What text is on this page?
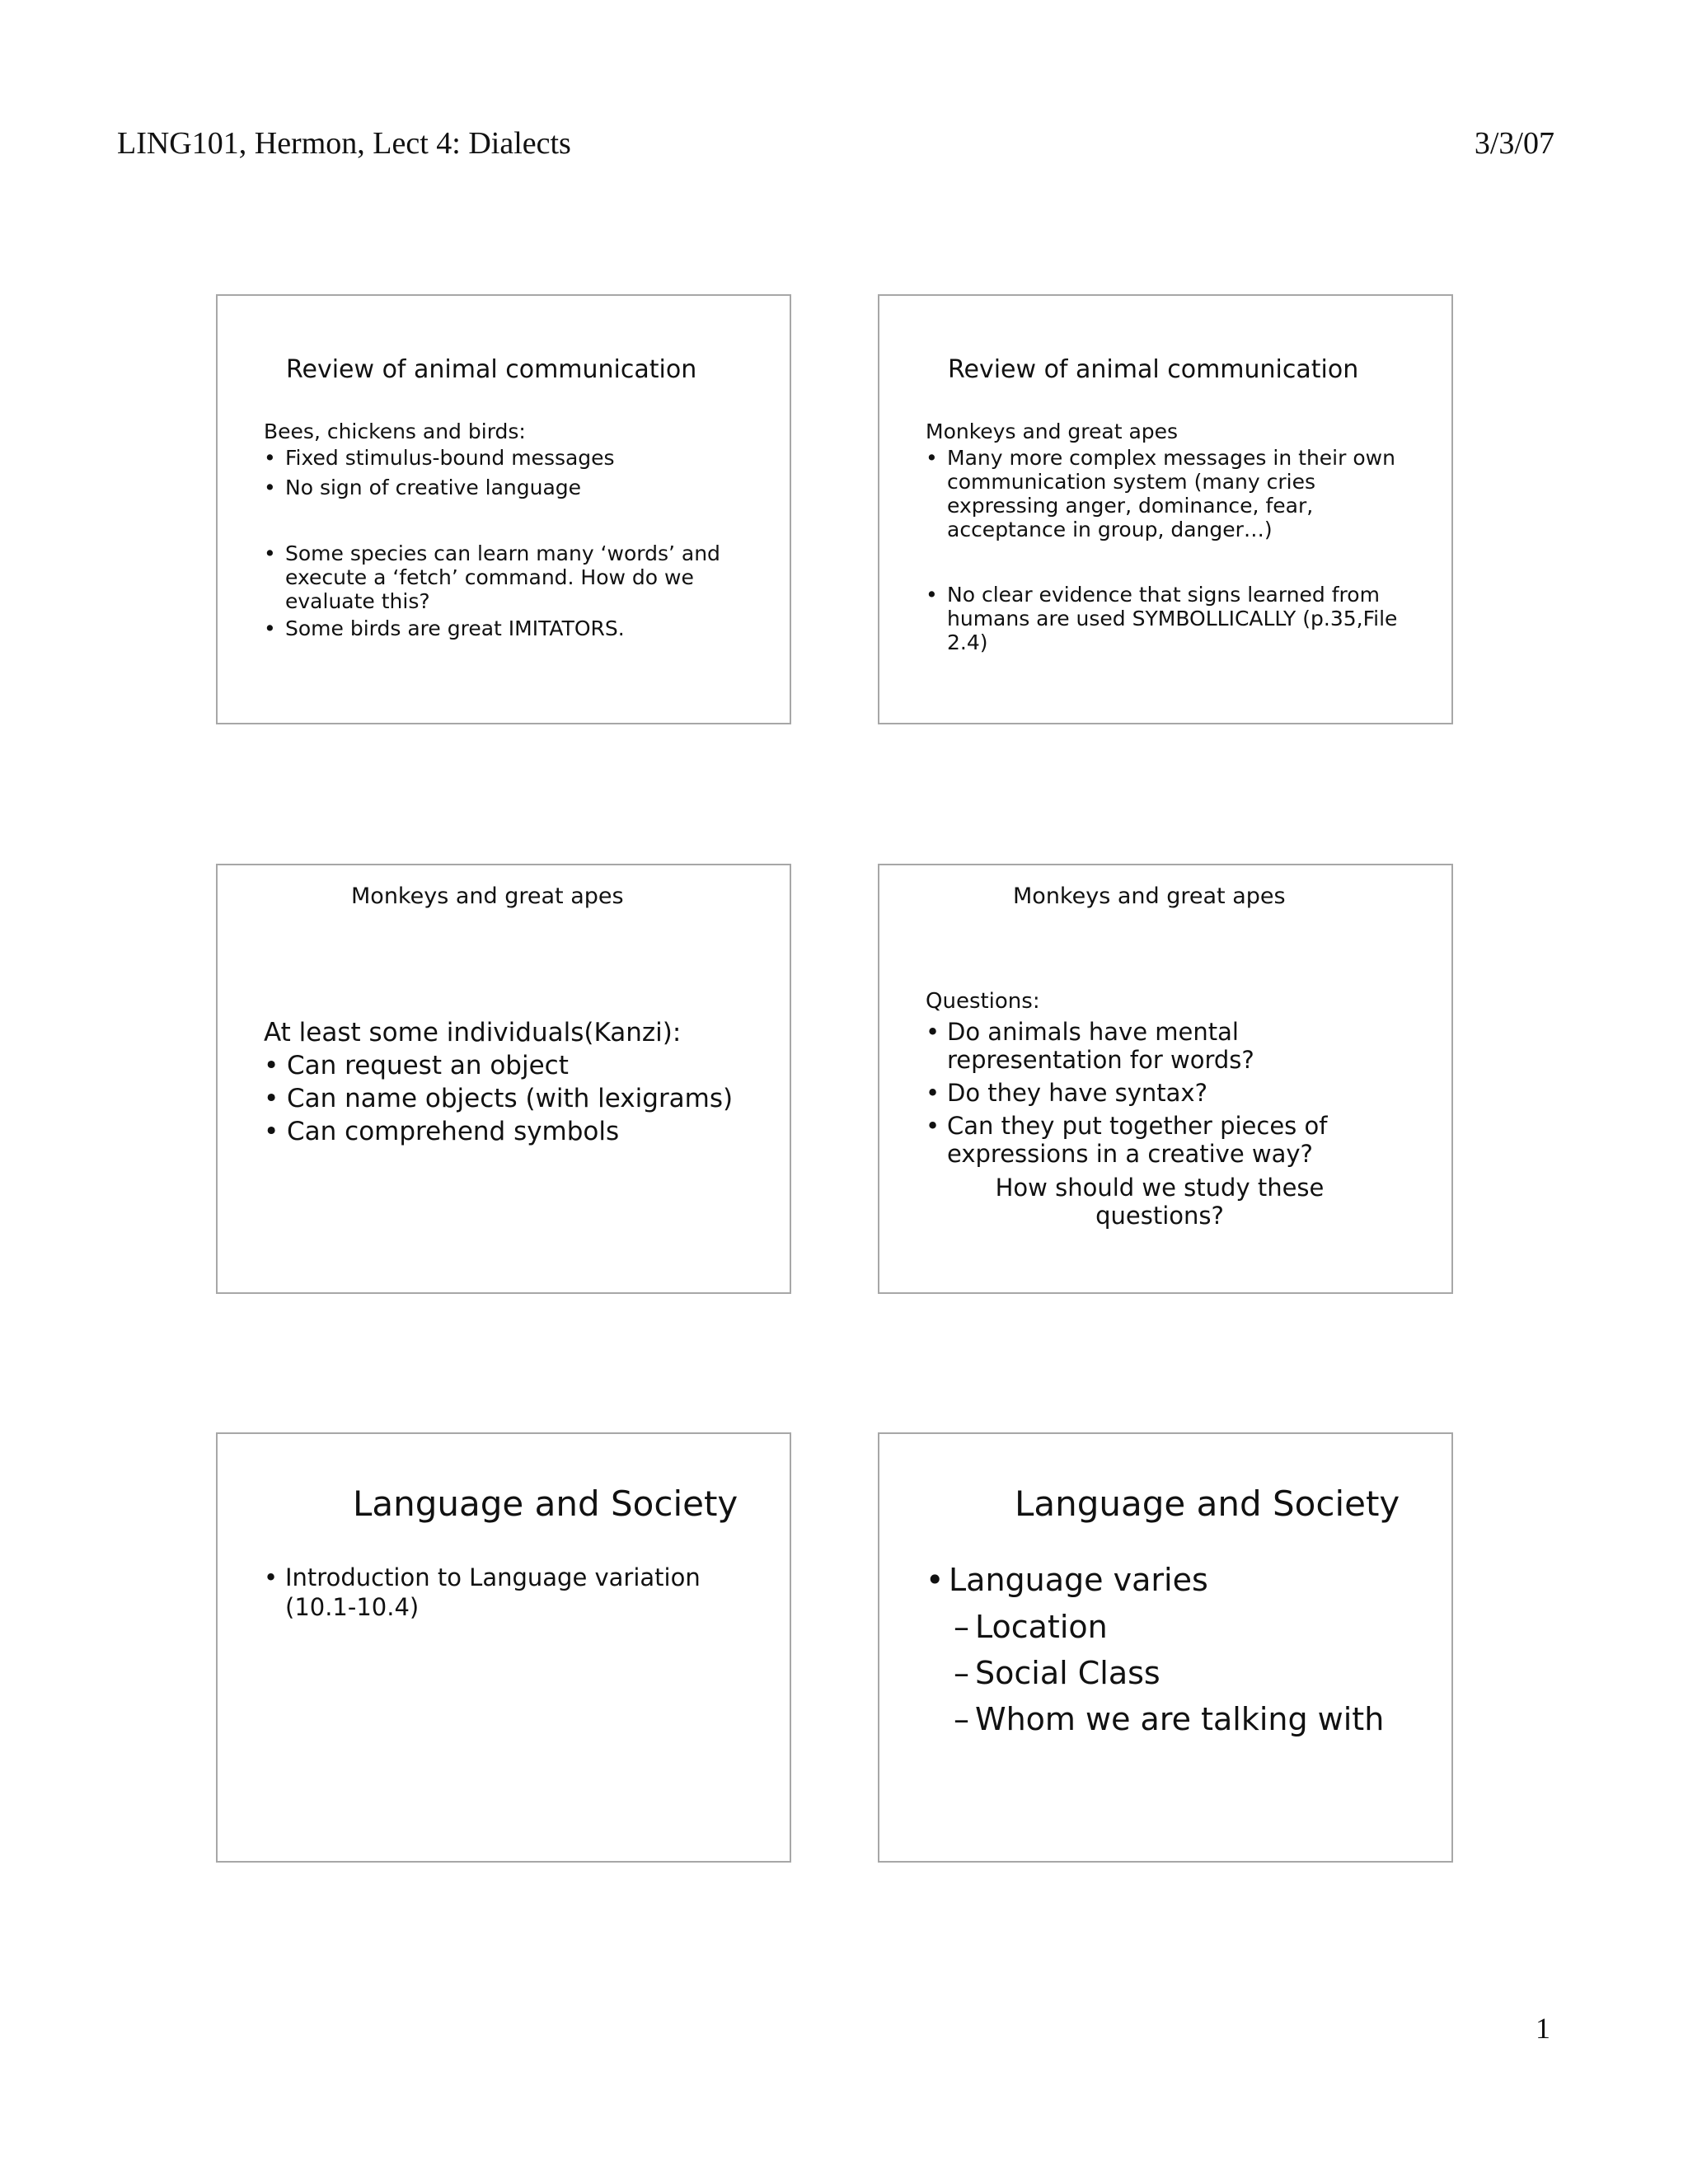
LING101, Hermon, Lect 4: Dialects	3/3/07
Review of animal communication
Bees, chickens and birds:
• Fixed stimulus-bound messages
• No sign of creative language
• Some species can learn many ‘words’ and execute a ‘fetch’ command. How do we evaluate this?
• Some birds are great IMITATORS.
Review of animal communication
Monkeys and great apes
• Many more complex messages in their own communication system (many cries expressing anger, dominance, fear, acceptance in group, danger…)
• No clear evidence that signs learned from humans are used SYMBOLLICALLY (p.35,File 2.4)
Monkeys and great apes
At least some individuals(Kanzi):
• Can request an object
• Can name objects (with lexigrams)
• Can comprehend symbols
Monkeys and great apes
Questions:
• Do animals have mental representation for words?
• Do they have syntax?
• Can they put together pieces of expressions in a creative way?
How should we study these questions?
Language and Society
• Introduction to Language variation (10.1-10.4)
Language and Society
• Language varies
– Location
– Social Class
– Whom we are talking with
1
